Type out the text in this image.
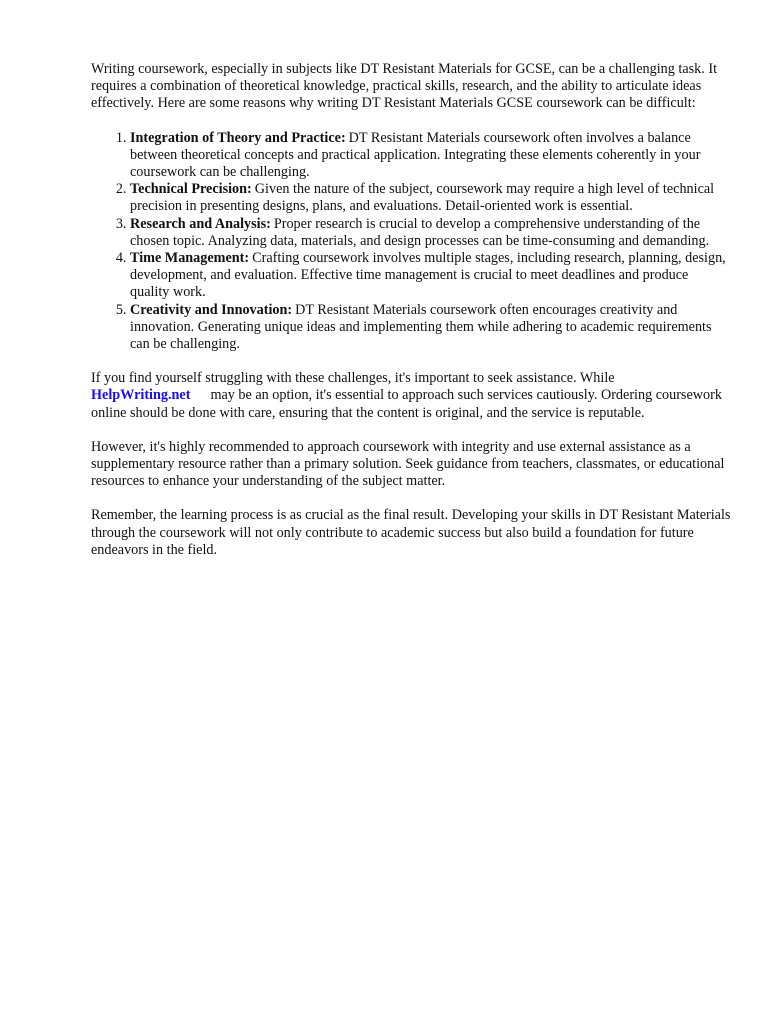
Writing coursework, especially in subjects like DT Resistant Materials for GCSE, can be a challenging task. It requires a combination of theoretical knowledge, practical skills, research, and the ability to articulate ideas effectively. Here are some reasons why writing DT Resistant Materials GCSE coursework can be difficult:

1. Integration of Theory and Practice: DT Resistant Materials coursework often involves a balance between theoretical concepts and practical application. Integrating these elements coherently in your coursework can be challenging.
2. Technical Precision: Given the nature of the subject, coursework may require a high level of technical precision in presenting designs, plans, and evaluations. Detail-oriented work is essential.
3. Research and Analysis: Proper research is crucial to develop a comprehensive understanding of the chosen topic. Analyzing data, materials, and design processes can be time-consuming and demanding.
4. Time Management: Crafting coursework involves multiple stages, including research, planning, design, development, and evaluation. Effective time management is crucial to meet deadlines and produce quality work.
5. Creativity and Innovation: DT Resistant Materials coursework often encourages creativity and innovation. Generating unique ideas and implementing them while adhering to academic requirements can be challenging.

If you find yourself struggling with these challenges, it's important to seek assistance. While
HelpWriting.net may be an option, it's essential to approach such services cautiously. Ordering coursework online should be done with care, ensuring that the content is original, and the service is reputable.

However, it's highly recommended to approach coursework with integrity and use external assistance as a supplementary resource rather than a primary solution. Seek guidance from teachers, classmates, or educational resources to enhance your understanding of the subject matter.

Remember, the learning process is as crucial as the final result. Developing your skills in DT Resistant Materials through the coursework will not only contribute to academic success but also build a foundation for future endeavors in the field.
